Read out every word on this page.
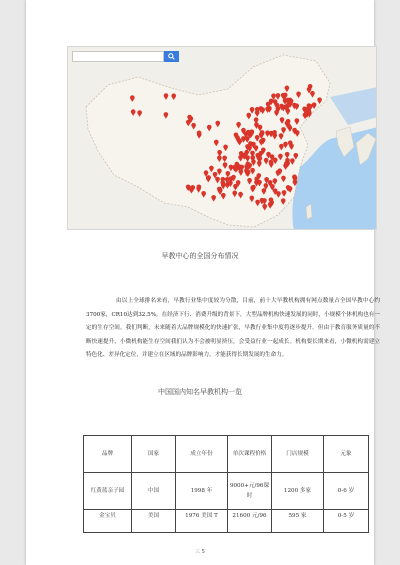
早教中心的全国分布情况

由以上全球排名来看，早教行业集中度较为分散，目前，前十大早教机构拥有网点数量占全国早教中心约3700家，CR10达到32.5%。在经济下行、消费升级的背景下，大型品牌机构快速发展的同时，小规模个体机构也有一定的生存空间。我们判断，未来随着大品牌规模化的快速扩张，早教行业集中度将逐步提升。但由于教育服务质量的不断快速提升，小微机构能生存空间我们认为不会被明显挤压，会受益行业一起成长。机构要长期来看，小微机构需建立特色化、差异化定位，并建立在区域的品牌影响力，才能获得长期发展的生命力。

中国国内知名早教机构一览
品牌	国家	成立年份	单次课程价格	门店规模	元象
红黄蓝亲子园	中国	1998 年	9000+元/96课时	1200 多家	0-6 岁
金宝贝	美国	1976 美国 T	21600 元/96	595 家	0-5 岁
三 5
